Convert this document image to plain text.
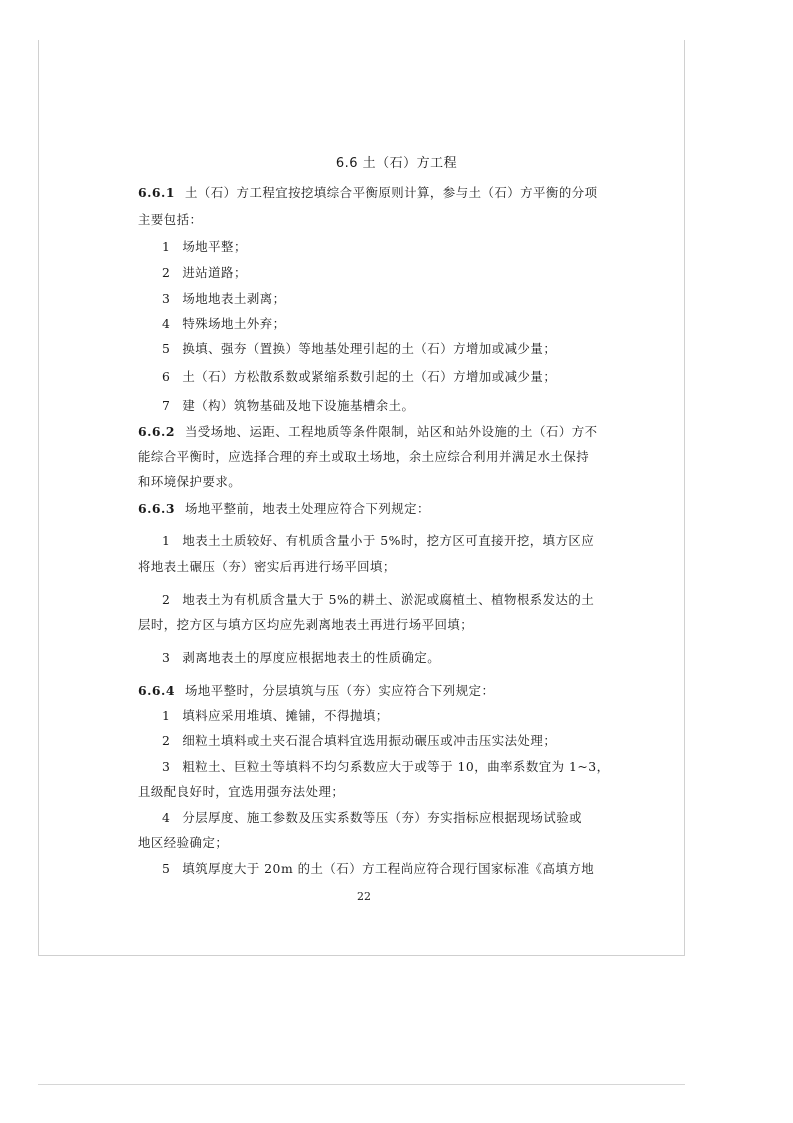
6.6 土（石）方工程
6.6.1 土（石）方工程宜按挖填综合平衡原则计算，参与土（石）方平衡的分项
主要包括：
1 场地平整；
2 进站道路；
3 场地地表土剥离；
4 特殊场地土外弃；
5 换填、强夯（置换）等地基处理引起的土（石）方增加或减少量；
6 土（石）方松散系数或紧缩系数引起的土（石）方增加或减少量；
7 建（构）筑物基础及地下设施基槽余土。
6.6.2 当受场地、运距、工程地质等条件限制，站区和站外设施的土（石）方不
能综合平衡时，应选择合理的弃土或取土场地，余土应综合利用并满足水土保持
和环境保护要求。
6.6.3 场地平整前，地表土处理应符合下列规定：
1 地表土土质较好、有机质含量小于 5%时，挖方区可直接开挖，填方区应
将地表土碾压（夯）密实后再进行场平回填；
2 地表土为有机质含量大于 5%的耕土、淤泥或腐植土、植物根系发达的土
层时，挖方区与填方区均应先剥离地表土再进行场平回填；
3 剥离地表土的厚度应根据地表土的性质确定。
6.6.4 场地平整时，分层填筑与压（夯）实应符合下列规定：
1 填料应采用堆填、摊铺，不得抛填；
2 细粒土填料或土夹石混合填料宜选用振动碾压或冲击压实法处理；
3 粗粒土、巨粒土等填料不均匀系数应大于或等于 10，曲率系数宜为 1~3，
且级配良好时，宜选用强夯法处理；
4 分层厚度、施工参数及压实系数等压（夯）夯实指标应根据现场试验或
地区经验确定；
5 填筑厚度大于 20m 的土（石）方工程尚应符合现行国家标准《高填方地
22
